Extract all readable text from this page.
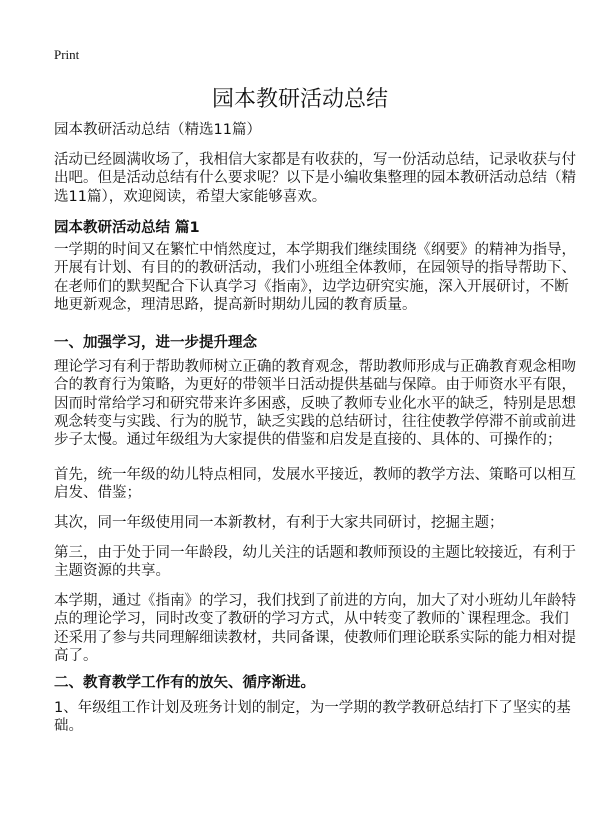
Print
园本教研活动总结
园本教研活动总结（精选11篇）
活动已经圆满收场了，我相信大家都是有收获的，写一份活动总结，记录收获与付
出吧。但是活动总结有什么要求呢？以下是小编收集整理的园本教研活动总结（精
选11篇），欢迎阅读，希望大家能够喜欢。
园本教研活动总结 篇1
一学期的时间又在繁忙中悄然度过，本学期我们继续围绕《纲要》的精神为指导，
开展有计划、有目的的教研活动，我们小班组全体教师，在园领导的指导帮助下、
在老师们的默契配合下认真学习《指南》，边学边研究实施，深入开展研讨，不断
地更新观念，理清思路，提高新时期幼儿园的教育质量。
一、加强学习，进一步提升理念
理论学习有利于帮助教师树立正确的教育观念，帮助教师形成与正确教育观念相吻
合的教育行为策略，为更好的带领半日活动提供基础与保障。由于师资水平有限，
因而时常给学习和研究带来许多困惑，反映了教师专业化水平的缺乏，特别是思想
观念转变与实践、行为的脱节，缺乏实践的总结研讨，往往使教学停滞不前或前进
步子太慢。通过年级组为大家提供的借鉴和启发是直接的、具体的、可操作的；
首先，统一年级的幼儿特点相同，发展水平接近，教师的教学方法、策略可以相互
启发、借鉴；
其次，同一年级使用同一本新教材，有利于大家共同研讨，挖掘主题；
第三，由于处于同一年龄段，幼儿关注的话题和教师预设的主题比较接近，有利于
主题资源的共享。
本学期，通过《指南》的学习，我们找到了前进的方向，加大了对小班幼儿年龄特
点的理论学习，同时改变了教研的学习方式，从中转变了教师的`课程理念。我们
还采用了参与共同理解细读教材，共同备课，使教师们理论联系实际的能力相对提
高了。
二、教育教学工作有的放矢、循序渐进。
1、年级组工作计划及班务计划的制定，为一学期的教学教研总结打下了坚实的基
础。
